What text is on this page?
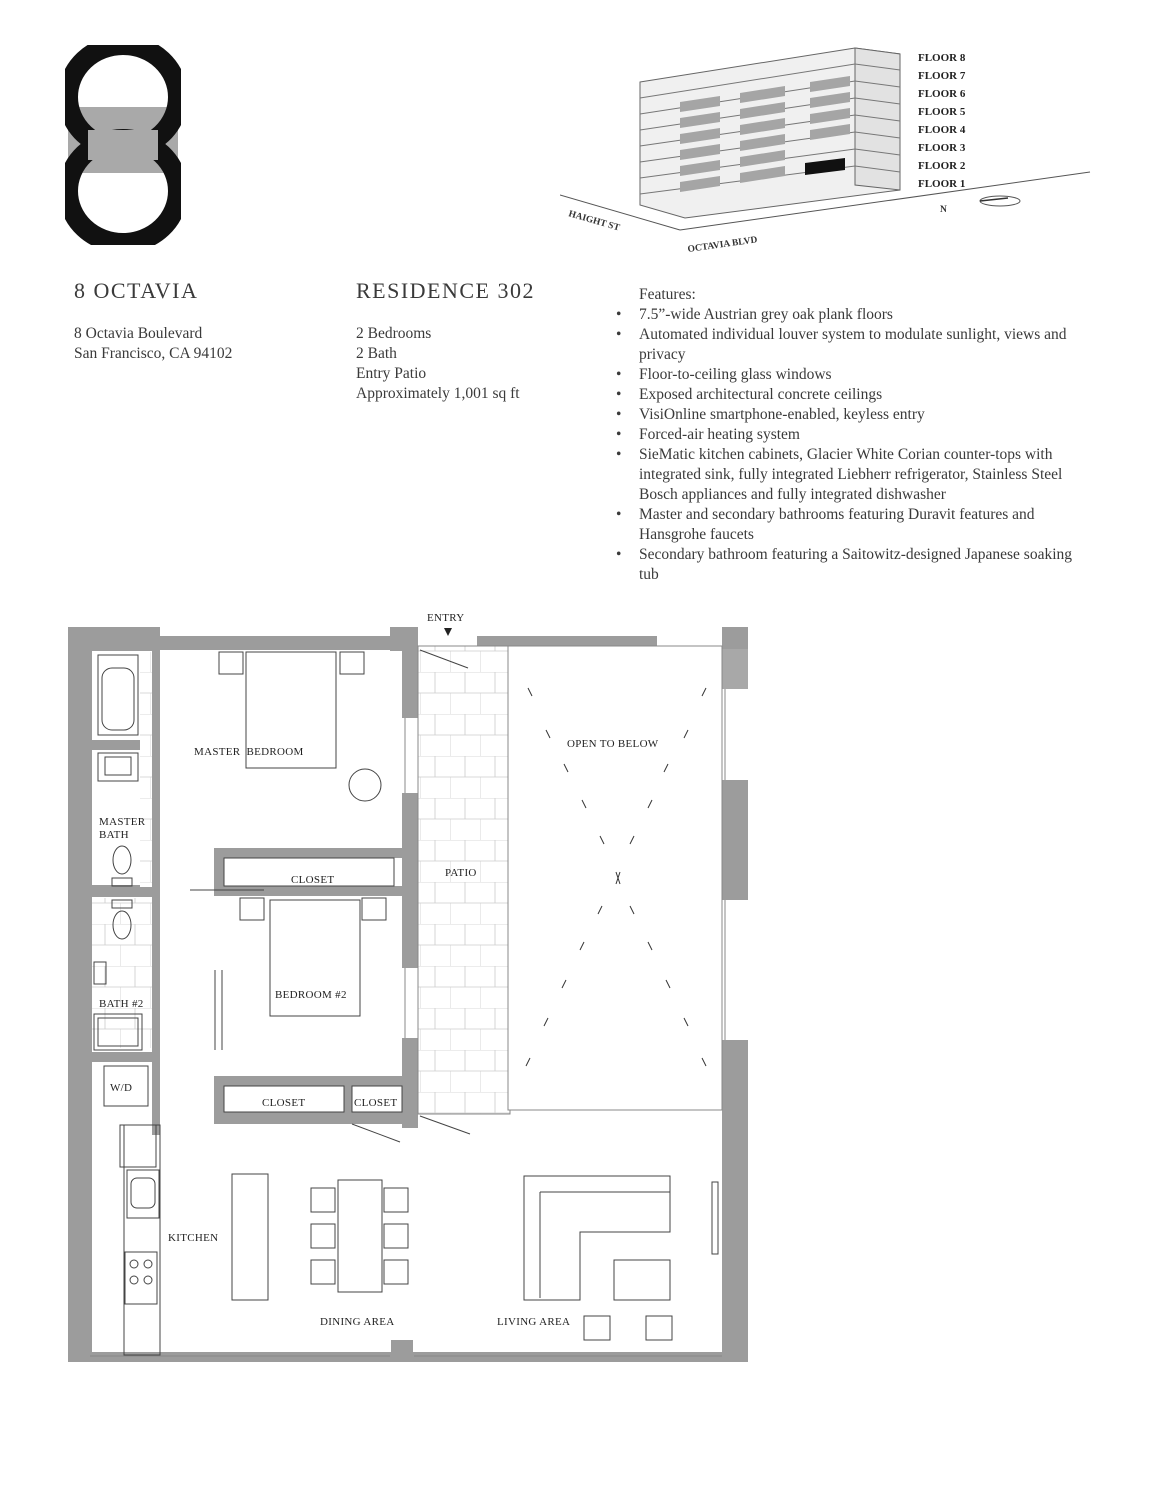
FLOOR 8
FLOOR 7
FLOOR 6
FLOOR 5
FLOOR 4
FLOOR 3
FLOOR 2
FLOOR 1
HAIGHT ST
OCTAVIA BLVD
N
8 OCTAVIA
8 Octavia Boulevard
San Francisco, CA 94102
RESIDENCE 302
2 Bedrooms
2 Bath
Entry Patio
Approximately 1,001 sq ft
Features:
• 7.5”-wide Austrian grey oak plank floors
• Automated individual louver system to modulate sunlight, views and privacy
• Floor-to-ceiling glass windows
• Exposed architectural concrete ceilings
• VisiOnline smartphone-enabled, keyless entry
• Forced-air heating system
• SieMatic kitchen cabinets, Glacier White Corian counter-tops with integrated sink, fully integrated Liebherr refrigerator, Stainless Steel Bosch appliances and fully integrated dishwasher
• Master and secondary bathrooms featuring Duravit features and Hansgrohe faucets
• Secondary bathroom featuring a Saitowitz-designed Japanese soaking tub
ENTRY
MASTER  BEDROOM
OPEN TO BELOW
MASTER
BATH
CLOSET
PATIO
BEDROOM #2
BATH #2
W/D
CLOSET	CLOSET
KITCHEN
DINING AREA	LIVING AREA
